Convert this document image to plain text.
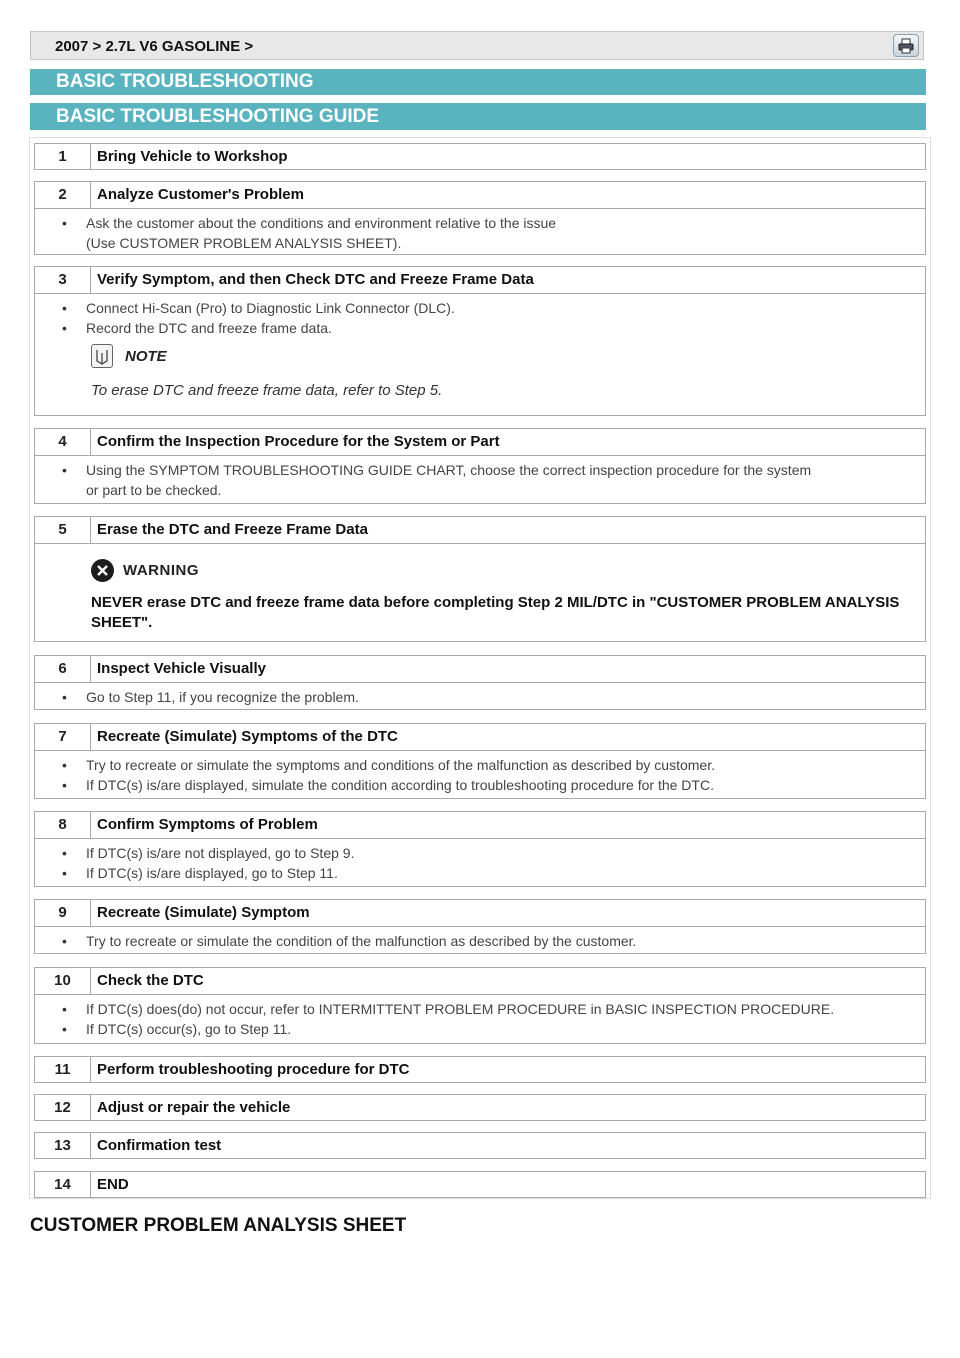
2007 > 2.7L V6 GASOLINE >
BASIC TROUBLESHOOTING
BASIC TROUBLESHOOTING GUIDE
1	Bring Vehicle to Workshop
2	Analyze Customer's Problem
• Ask the customer about the conditions and environment relative to the issue
(Use CUSTOMER PROBLEM ANALYSIS SHEET).
3	Verify Symptom, and then Check DTC and Freeze Frame Data
• Connect Hi-Scan (Pro) to Diagnostic Link Connector (DLC).
• Record the DTC and freeze frame data.
NOTE
To erase DTC and freeze frame data, refer to Step 5.
4	Confirm the Inspection Procedure for the System or Part
• Using the SYMPTOM TROUBLESHOOTING GUIDE CHART, choose the correct inspection procedure for the system
or part to be checked.
5	Erase the DTC and Freeze Frame Data
WARNING
NEVER erase DTC and freeze frame data before completing Step 2 MIL/DTC in "CUSTOMER PROBLEM ANALYSIS SHEET".
6	Inspect Vehicle Visually
• Go to Step 11, if you recognize the problem.
7	Recreate (Simulate) Symptoms of the DTC
• Try to recreate or simulate the symptoms and conditions of the malfunction as described by customer.
• If DTC(s) is/are displayed, simulate the condition according to troubleshooting procedure for the DTC.
8	Confirm Symptoms of Problem
• If DTC(s) is/are not displayed, go to Step 9.
• If DTC(s) is/are displayed, go to Step 11.
9	Recreate (Simulate) Symptom
• Try to recreate or simulate the condition of the malfunction as described by the customer.
10	Check the DTC
• If DTC(s) does(do) not occur, refer to INTERMITTENT PROBLEM PROCEDURE in BASIC INSPECTION PROCEDURE.
• If DTC(s) occur(s), go to Step 11.
11	Perform troubleshooting procedure for DTC
12	Adjust or repair the vehicle
13	Confirmation test
14	END
CUSTOMER PROBLEM ANALYSIS SHEET
